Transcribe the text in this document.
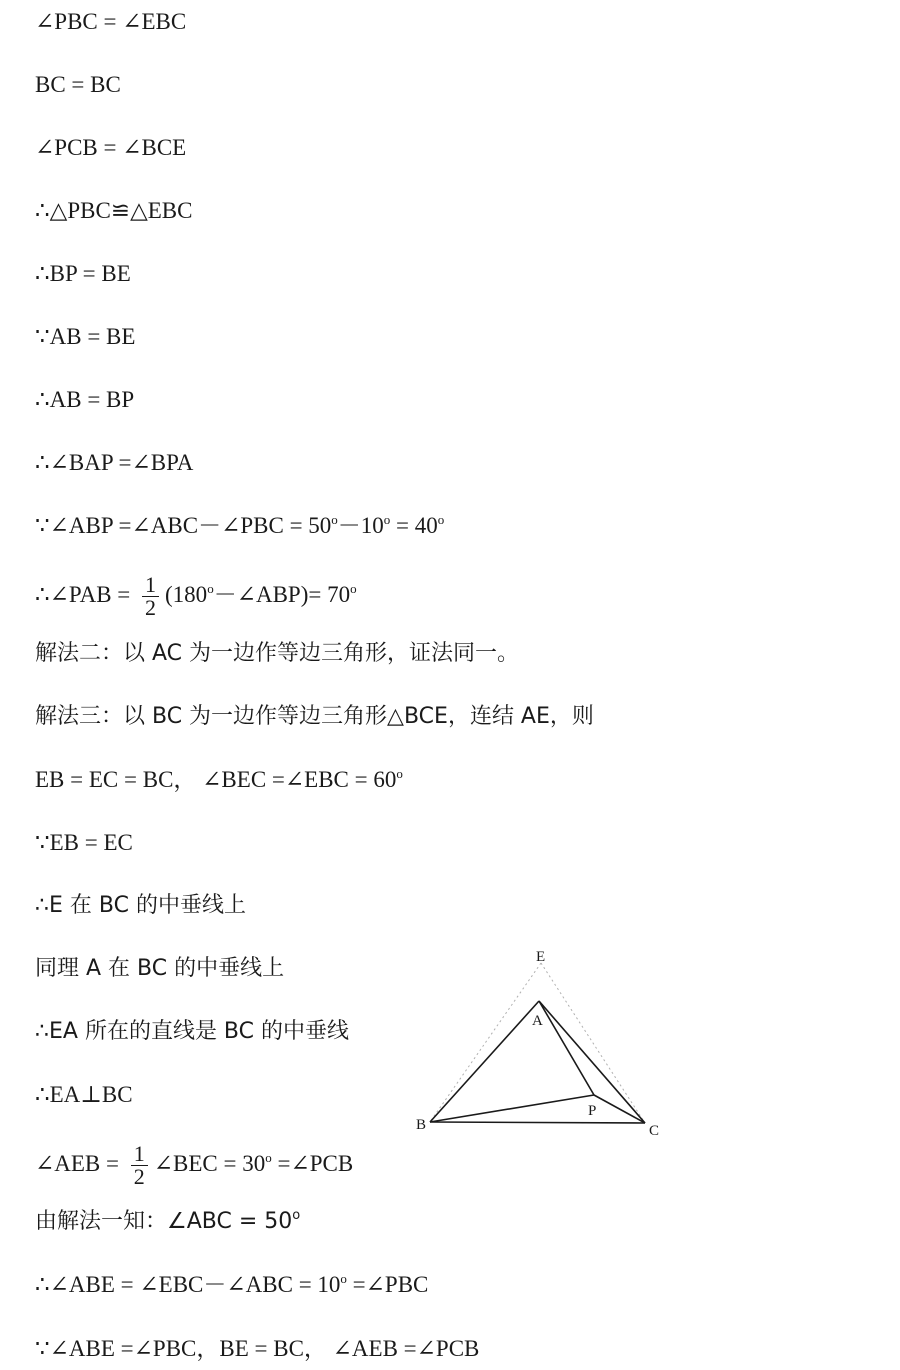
∠PBC = ∠EBC
BC = BC
∠PCB = ∠BCE
∴△PBC≌△EBC
∴BP = BE
∵AB = BE
∴AB = BP
∴∠BAP =∠BPA
∵∠ABP =∠ABC－∠PBC = $50^o-10^o = 40^o$
∴∠PAB = $\frac{1}{2}$ $(180^o-\angle ABP)= 70^o$
解法二：以 AC 为一边作等边三角形，证法同一。
解法三：以 BC 为一边作等边三角形△BCE，连结 AE，则
EB = EC = BC， ∠BEC =∠EBC = $60^o$
∵EB = EC
∴E 在 BC 的中垂线上
同理 A 在 BC 的中垂线上
∴EA 所在的直线是 BC 的中垂线
∴EA⊥BC
∠AEB = $\frac{1}{2}$ ∠BEC = $30^o$ =∠PCB
由解法一知：∠ABC = $50^o$
∴∠ABE = ∠EBC－∠ABC = $10^o$ =∠PBC
∵∠ABE =∠PBC，BE = BC， ∠AEB =∠PCB
E
A
B	C
P
